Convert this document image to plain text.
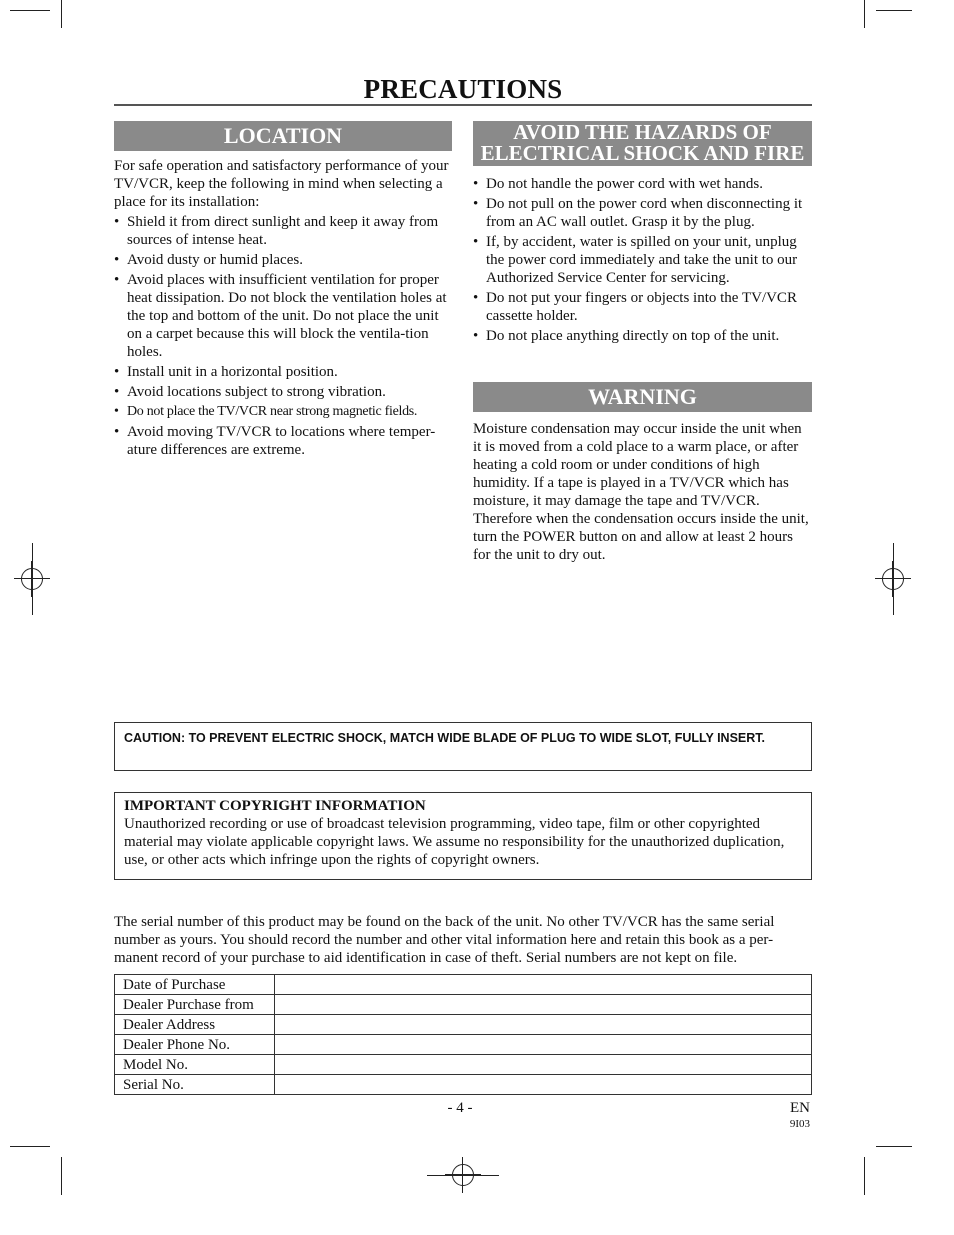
PRECAUTIONS
LOCATION
For safe operation and satisfactory performance of your TV/VCR, keep the following in mind when selecting a place for its installation:
• Shield it from direct sunlight and keep it away from sources of intense heat.
• Avoid dusty or humid places.
• Avoid places with insufficient ventilation for proper heat dissipation. Do not block the ventilation holes at the top and bottom of the unit. Do not place the unit on a carpet because this will block the ventila-tion holes.
• Install unit in a horizontal position.
• Avoid locations subject to strong vibration.
• Do not place the TV/VCR near strong magnetic fields.
• Avoid moving TV/VCR to locations where temper-ature differences are extreme.
AVOID THE HAZARDS OF
ELECTRICAL SHOCK AND FIRE
• Do not handle the power cord with wet hands.
• Do not pull on the power cord when disconnecting it from an AC wall outlet. Grasp it by the plug.
• If, by accident, water is spilled on your unit, unplug the power cord immediately and take the unit to our Authorized Service Center for servicing.
• Do not put your fingers or objects into the TV/VCR cassette holder.
• Do not place anything directly on top of the unit.
WARNING
Moisture condensation may occur inside the unit when it is moved from a cold place to a warm place, or after heating a cold room or under conditions of high humidity. If a tape is played in a TV/VCR which has moisture, it may damage the tape and TV/VCR. Therefore when the condensation occurs inside the unit, turn the POWER button on and allow at least 2 hours for the unit to dry out.
CAUTION: TO PREVENT ELECTRIC SHOCK, MATCH WIDE BLADE OF PLUG TO WIDE SLOT, FULLY INSERT.
IMPORTANT COPYRIGHT INFORMATION
Unauthorized recording or use of broadcast television programming, video tape, film or other copyrighted material may violate applicable copyright laws. We assume no responsibility for the unauthorized duplication, use, or other acts which infringe upon the rights of copyright owners.
The serial number of this product may be found on the back of the unit. No other TV/VCR has the same serial number as yours. You should record the number and other vital information here and retain this book as a per-manent record of your purchase to aid identification in case of theft. Serial numbers are not kept on file.
Date of Purchase	
Dealer Purchase from	
Dealer Address	
Dealer Phone No.	
Model No.	
Serial No.	
- 4 -	EN
9I03
